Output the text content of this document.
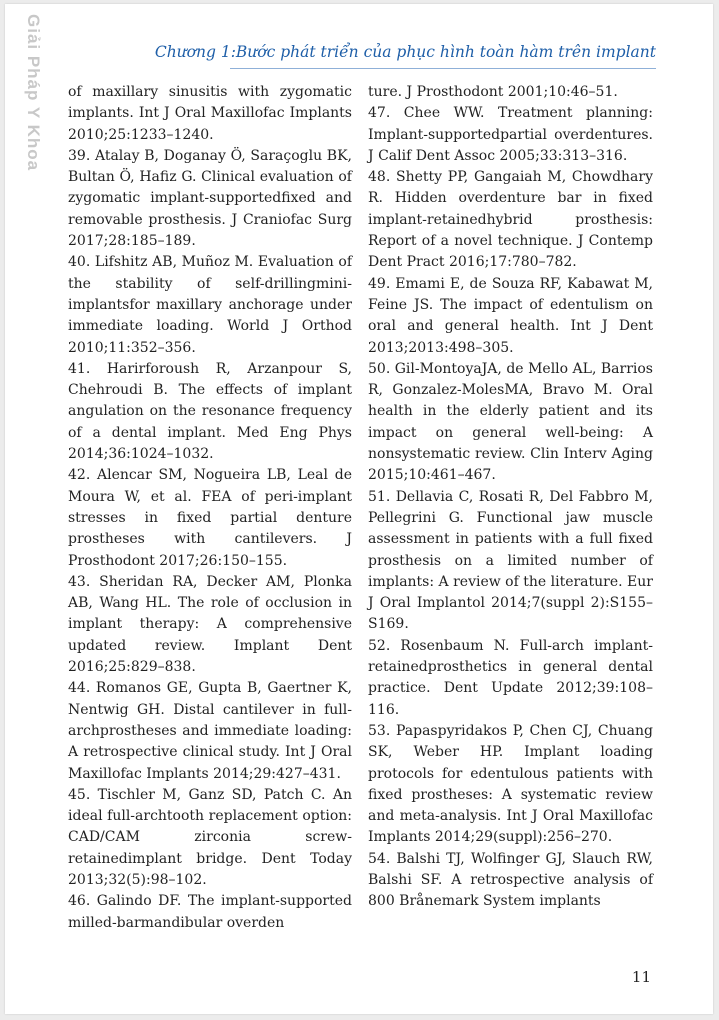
Giải Pháp Y Khoa	Chương 1:Bước phát triển của phục hình toàn hàm trên implant

of maxillary sinusitis with zygomatic implants. Int J Oral Maxillofac Implants 2010;25:1233–1240.

39. Atalay B, Doganay Ö, Saraçoglu BK, Bultan Ö, Hafiz G. Clinical evaluation of zygomatic implant-supportedfixed and removable prosthesis. J Craniofac Surg 2017;28:185–189.

40. Lifshitz AB, Muñoz M. Evaluation of the stability of self-drillingmini-implantsfor maxillary anchorage under immediate loading. World J Orthod 2010;11:352–356.

41. Harirforoush R, Arzanpour S, Chehroudi B. The effects of implant angulation on the resonance frequency of a dental implant. Med Eng Phys 2014;36:1024–1032.

42. Alencar SM, Nogueira LB, Leal de Moura W, et al. FEA of peri-implant stresses in fixed partial denture prostheses with cantilevers. J Prosthodont 2017;26:150–155.

43. Sheridan RA, Decker AM, Plonka AB, Wang HL. The role of occlusion in implant therapy: A comprehensive updated review. Implant Dent 2016;25:829–838.

44. Romanos GE, Gupta B, Gaertner K, Nentwig GH. Distal cantilever in full-archprostheses and immediate loading: A retrospective clinical study. Int J Oral Maxillofac Implants 2014;29:427–431.

45. Tischler M, Ganz SD, Patch C. An ideal full-archtooth replacement option: CAD/CAM zirconia screw-retainedimplant bridge. Dent Today 2013;32(5):98–102.

46. Galindo DF. The implant-supported milled-barmandibular overden

ture. J Prosthodont 2001;10:46–51.

47. Chee WW. Treatment planning: Implant-supportedpartial overdentures. J Calif Dent Assoc 2005;33:313–316.

48. Shetty PP, Gangaiah M, Chowdhary R. Hidden overdenture bar in fixed implant-retainedhybrid prosthesis: Report of a novel technique. J Contemp Dent Pract 2016;17:780–782.

49. Emami E, de Souza RF, Kabawat M, Feine JS. The impact of edentulism on oral and general health. Int J Dent 2013;2013:498–305.

50. Gil-MontoyaJA, de Mello AL, Barrios R, Gonzalez-MolesMA, Bravo M. Oral health in the elderly patient and its impact on general well-being: A nonsystematic review. Clin Interv Aging 2015;10:461–467.

51. Dellavia C, Rosati R, Del Fabbro M, Pellegrini G. Functional jaw muscle assessment in patients with a full fixed prosthesis on a limited number of implants: A review of the literature. Eur J Oral Implantol 2014;7(suppl 2):S155–S169.

52. Rosenbaum N. Full-arch implant-retainedprosthetics in general dental practice. Dent Update 2012;39:108–116.

53. Papaspyridakos P, Chen CJ, Chuang SK, Weber HP. Implant loading protocols for edentulous patients with fixed prostheses: A systematic review and meta-analysis. Int J Oral Maxillofac Implants 2014;29(suppl):256–270.

54. Balshi TJ, Wolfinger GJ, Slauch RW, Balshi SF. A retrospective analysis of 800 Brånemark System implants

11
